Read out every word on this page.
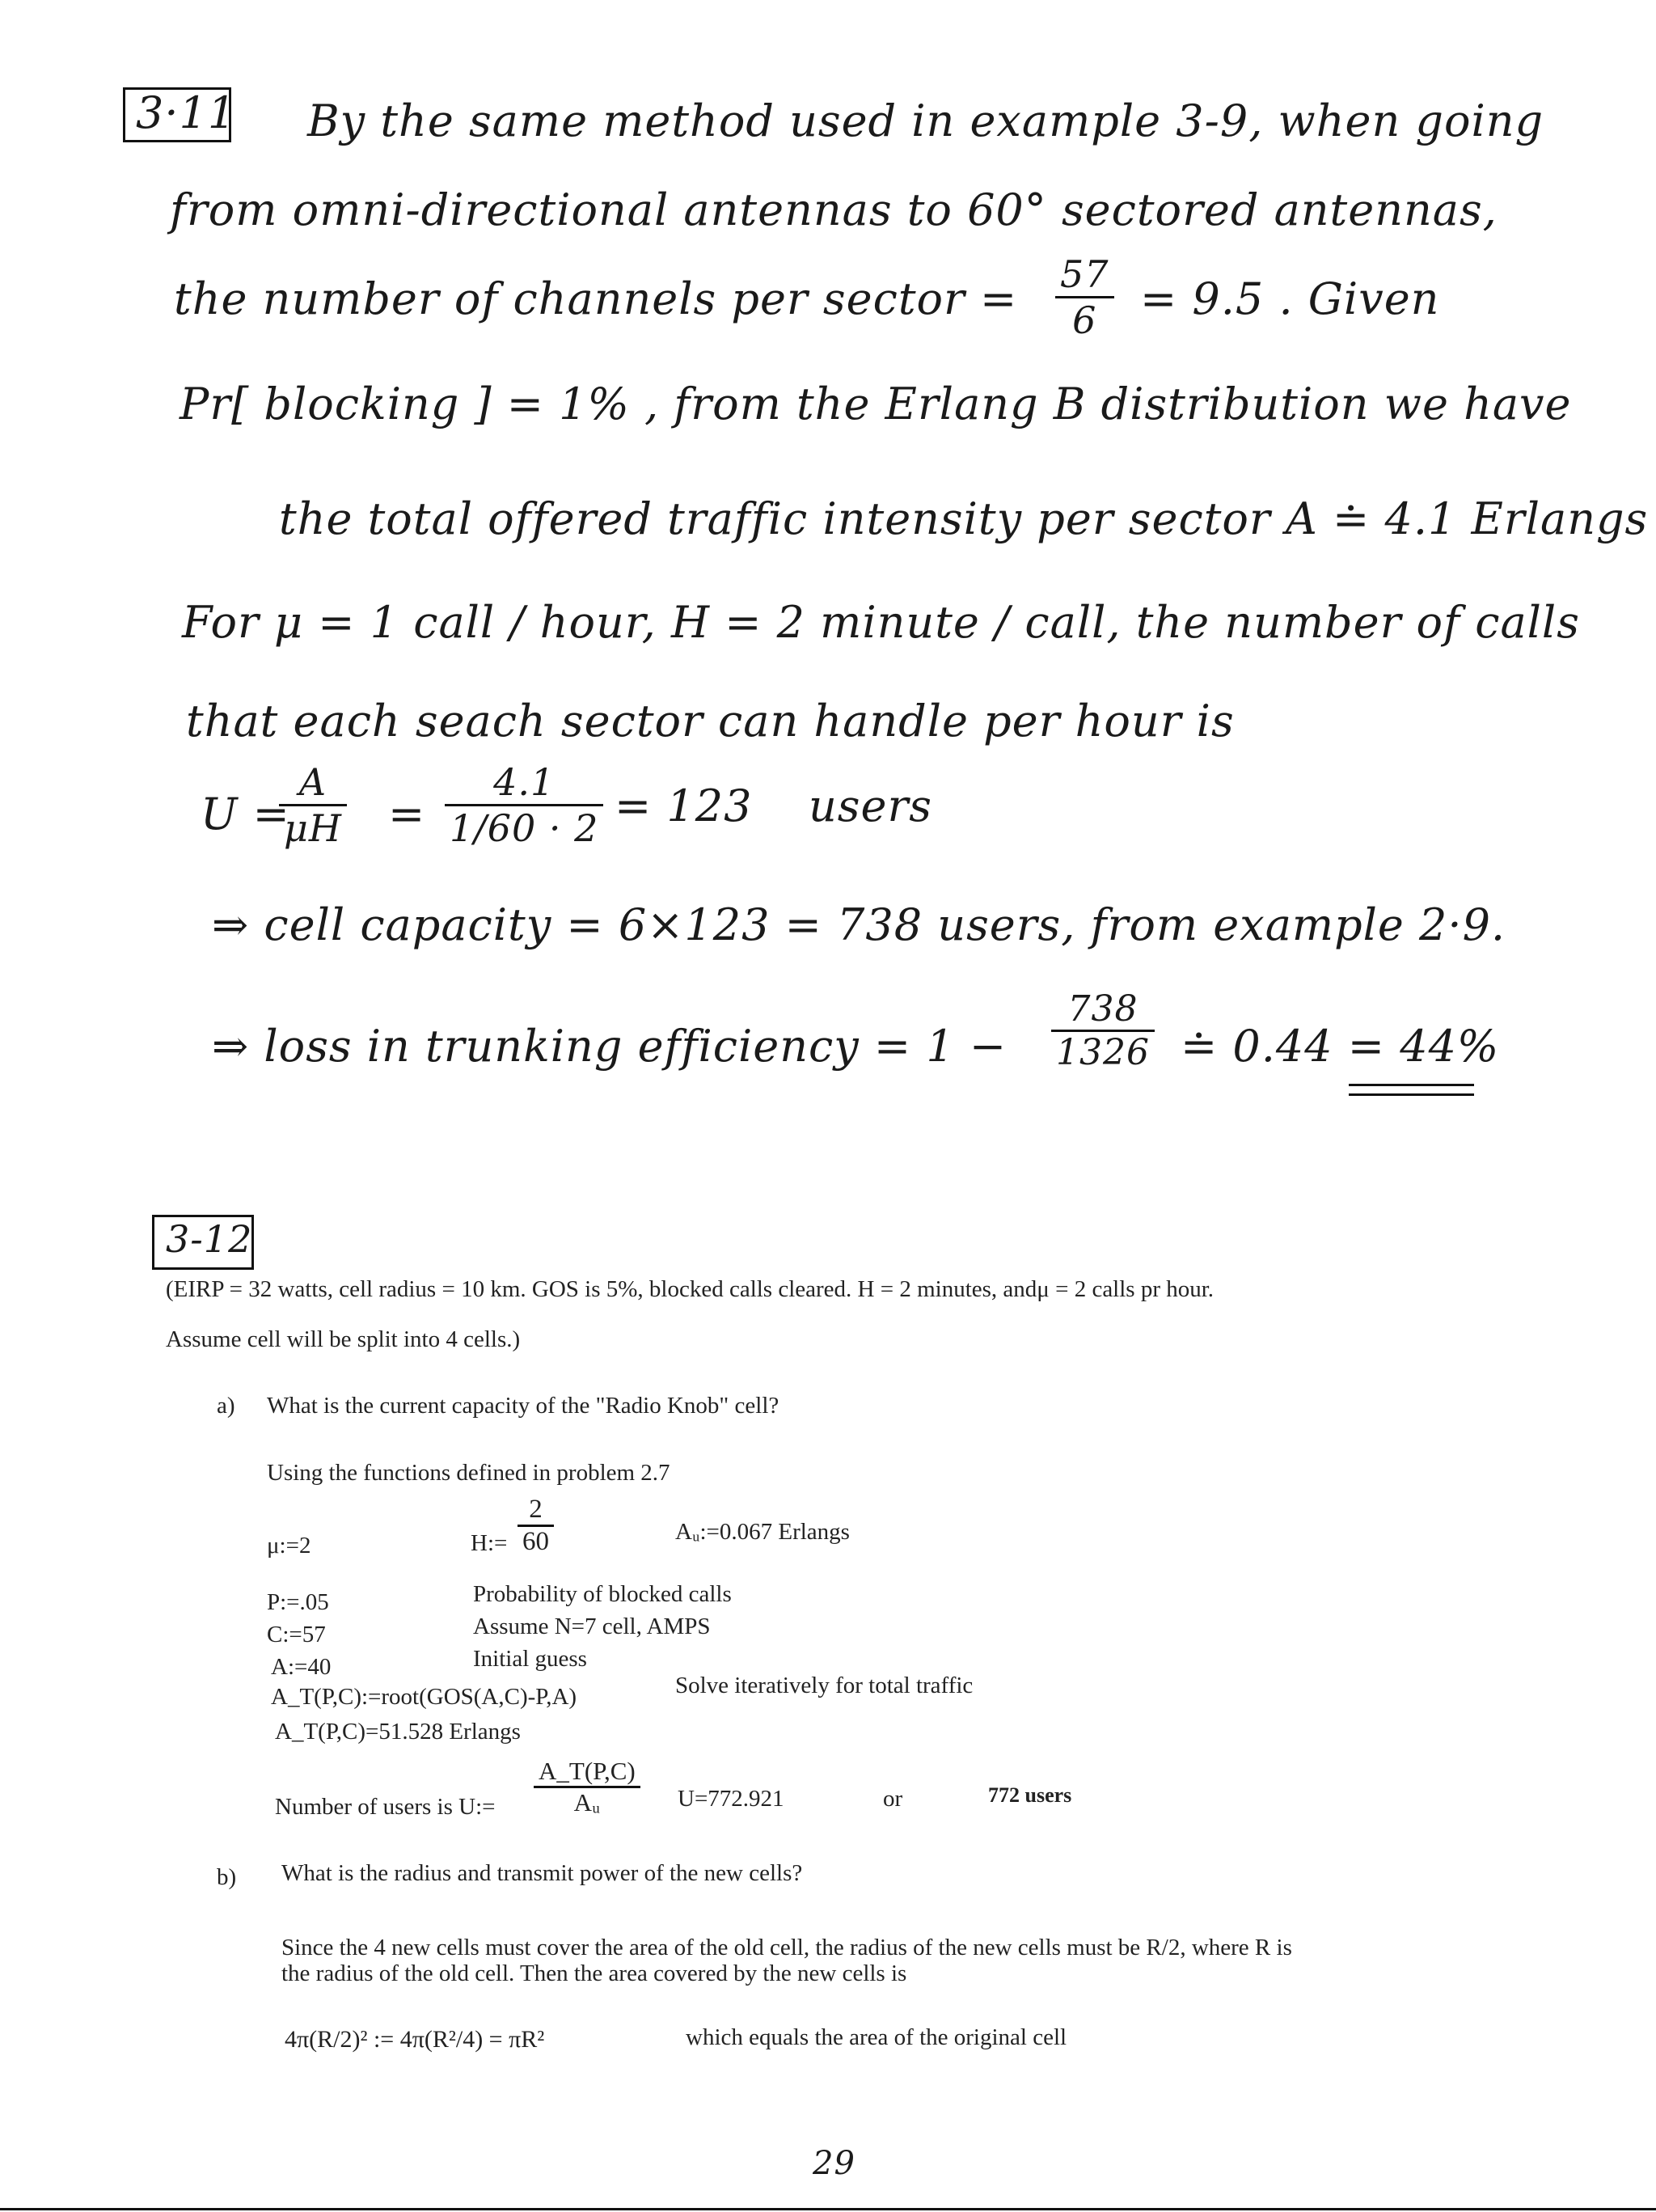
3·11 By the same method used in example 3-9, when going
from omni-directional antennas to 60° sectored antennas,
the number of channels per sector = $\frac{57}{6} = 9.5$ . Given
Pr[ blocking ] = 1% , from the Erlang B distribution we have
the total offered traffic intensity per sector A ≐ 4.1 Erlangs
For μ = 1 call / hour, H = 2 minute / call, the number of calls
that each seach sector can handle per hour is
U =
$\frac{A}{\mu H} = \frac{4.1}{1/60 \cdot 2} = 123$ users
⇒ cell capacity = 6×123 = 738 users, from example 2·9.
⇒ loss in trunking efficiency = $1 - \frac{738}{1326}$ ≐ 0.44 = 44%
3-12
(EIRP = 32 watts, cell radius = 10 km. GOS is 5%, blocked calls cleared. H = 2 minutes, andμ = 2 calls pr hour.
Assume cell will be split into 4 cells.)
a) What is the current capacity of the "Radio Knob" cell?
Using the functions defined in problem 2.7
μ:=2	H:= $\frac{2}{60}$	Aᵤ:=0.067 Erlangs
P:=.05	Probability of blocked calls
C:=57	Assume N=7 cell, AMPS
A:=40	Initial guess
A_T(P,C):=root(GOS(A,C)-P,A)	Solve iteratively for total traffic
A_T(P,C)=51.528 Erlangs
Number of users is U:= $\frac{A\_T(P,C)}{\text{Aᵤ}} U=772.921$	or	772 users
b) What is the radius and transmit power of the new cells?
Since the 4 new cells must cover the area of the old cell, the radius of the new cells must be R/2, where R is
the radius of the old cell. Then the area covered by the new cells is
4π(R/2)² := 4π(R²/4) = πR²	which equals the area of the original cell
29
